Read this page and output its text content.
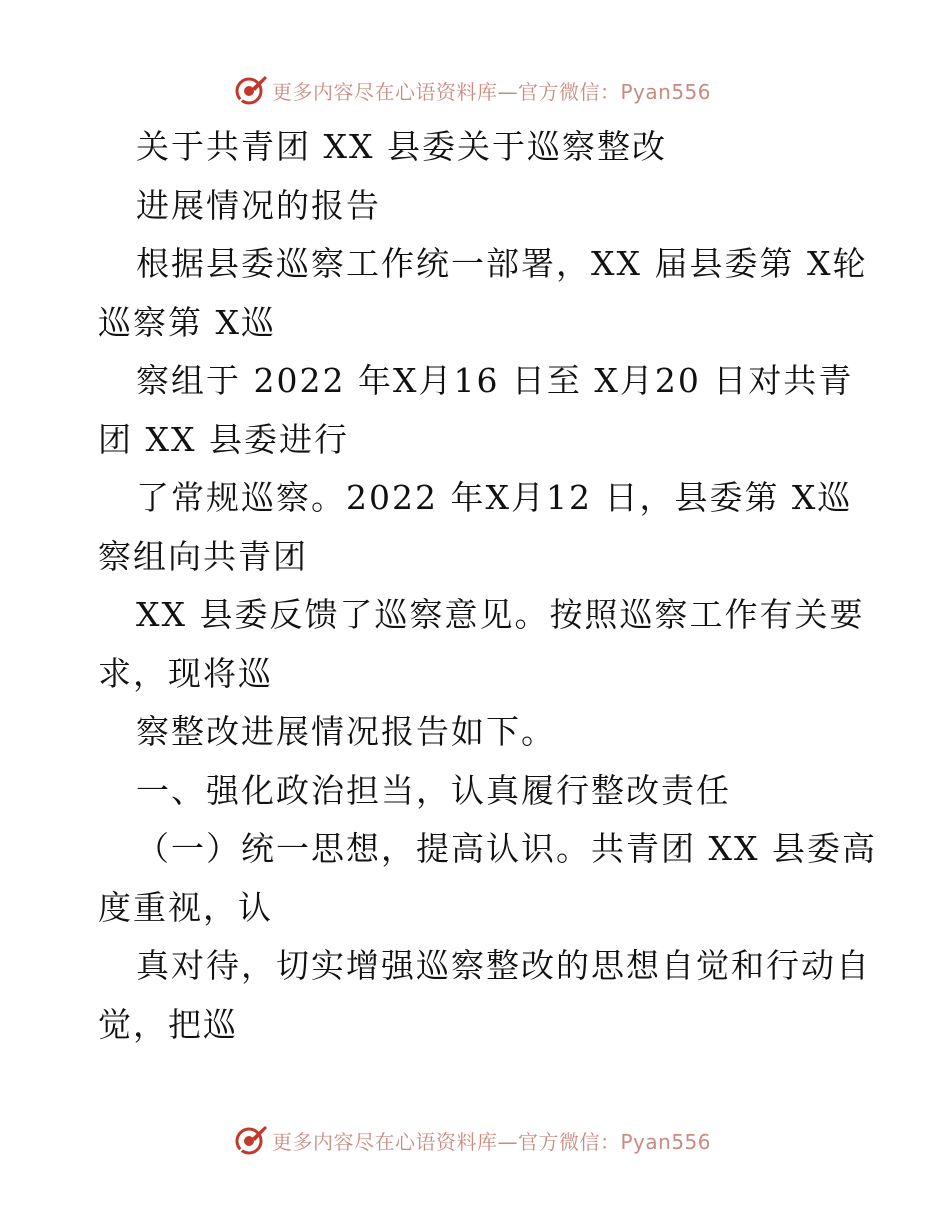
更多内容尽在心语资料库—官方微信：Pyan556
关于共青团 XX 县委关于巡察整改
进展情况的报告
根据县委巡察工作统一部署，XX 届县委第 X轮
巡察第 X巡
察组于 2022 年X月16 日至 X月20 日对共青
团 XX 县委进行
了常规巡察。2022 年X月12 日，县委第 X巡
察组向共青团
XX 县委反馈了巡察意见。按照巡察工作有关要
求，现将巡
察整改进展情况报告如下。
一、强化政治担当，认真履行整改责任
（一）统一思想，提高认识。共青团 XX 县委高
度重视，认
真对待，切实增强巡察整改的思想自觉和行动自
觉，把巡
更多内容尽在心语资料库—官方微信：Pyan556
